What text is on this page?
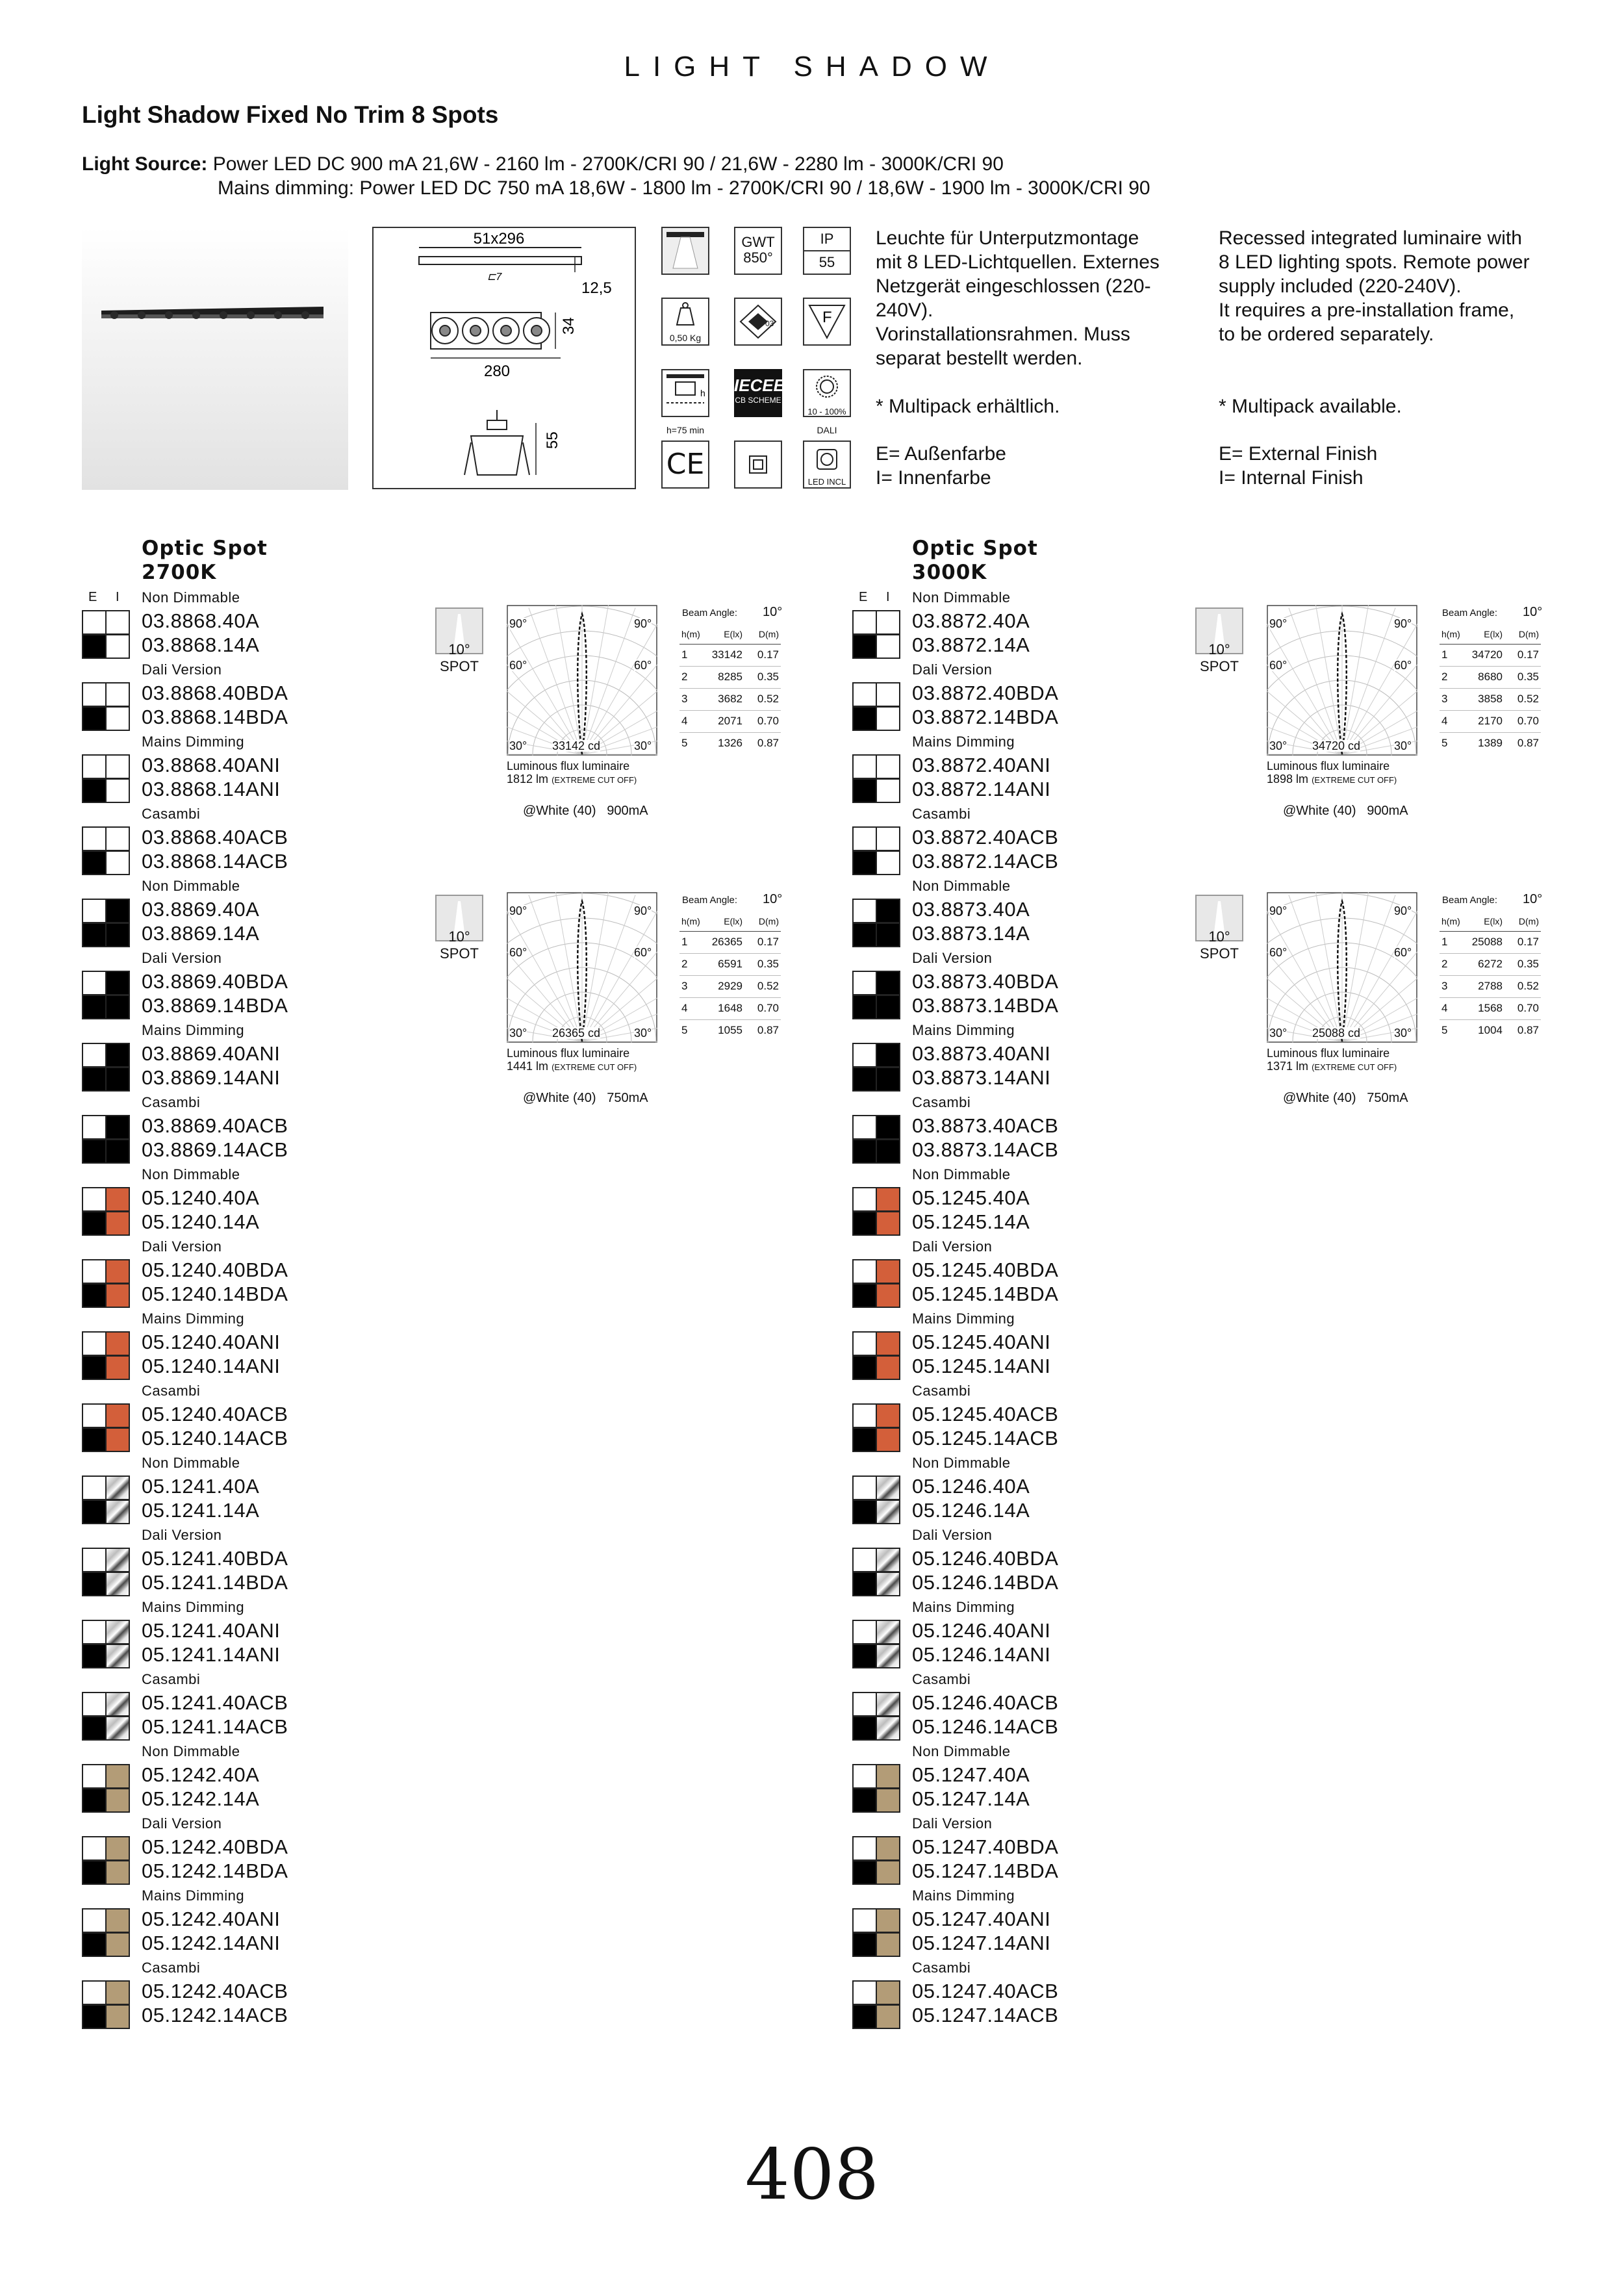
LIGHT SHADOW
Light Shadow Fixed No Trim 8 Spots
Light Source: Power LED DC 900 mA 21,6W - 2160 lm - 2700K/CRI 90 / 21,6W - 2280 lm - 3000K/CRI 90
Mains dimming: Power LED DC 750 mA 18,6W - 1800 lm - 2700K/CRI 90 / 18,6W - 1900 lm - 3000K/CRI 90
51x296
⊏7
12,5
34
280
55
0,50 Kg
h
h=75 min
CE
GWT
850°
03
IECEE
CB SCHEME
IP
55
F
10 - 100%
DALI
LED INCL
Leuchte für Unterputzmontage
mit 8 LED-Lichtquellen. Externes
Netzgerät eingeschlossen (220-
240V).
Vorinstallationsrahmen. Muss
separat bestellt werden.
* Multipack erhältlich.
E= Außenfarbe
I= Innenfarbe
Recessed integrated luminaire with
8 LED lighting spots. Remote power
supply included (220-240V).
It requires a pre-installation frame,
to be ordered separately.
* Multipack available.
E= External Finish
I= Internal Finish
Optic Spot
2700K
E I Non Dimmable
03.8868.40A
03.8868.14A
Dali Version
03.8868.40BDA
03.8868.14BDA
Mains Dimming
03.8868.40ANI
03.8868.14ANI
Casambi
03.8868.40ACB
03.8868.14ACB
Non Dimmable
03.8869.40A
03.8869.14A
Dali Version
03.8869.40BDA
03.8869.14BDA
Mains Dimming
03.8869.40ANI
03.8869.14ANI
Casambi
03.8869.40ACB
03.8869.14ACB
Non Dimmable
05.1240.40A
05.1240.14A
Dali Version
05.1240.40BDA
05.1240.14BDA
Mains Dimming
05.1240.40ANI
05.1240.14ANI
Casambi
05.1240.40ACB
05.1240.14ACB
Non Dimmable
05.1241.40A
05.1241.14A
Dali Version
05.1241.40BDA
05.1241.14BDA
Mains Dimming
05.1241.40ANI
05.1241.14ANI
Casambi
05.1241.40ACB
05.1241.14ACB
Non Dimmable
05.1242.40A
05.1242.14A
Dali Version
05.1242.40BDA
05.1242.14BDA
Mains Dimming
05.1242.40ANI
05.1242.14ANI
Casambi
05.1242.40ACB
05.1242.14ACB
10°
SPOT
90°	90°
60°	60°
30°	30°
33142 cd
Luminous flux luminaire
1812 lm (EXTREME CUT OFF)
@White (40)   900mA
Beam Angle: 10°
h(m)	E(lx)	D(m)
1	33142	0.17
2	8285	0.35
3	3682	0.52
4	2071	0.70
5	1326	0.87
10°
SPOT
90°	90°
60°	60°
30°	30°
26365 cd
Luminous flux luminaire
1441 lm (EXTREME CUT OFF)
@White (40)   750mA
Beam Angle: 10°
h(m)	E(lx)	D(m)
1	26365	0.17
2	6591	0.35
3	2929	0.52
4	1648	0.70
5	1055	0.87
Optic Spot
3000K
E I Non Dimmable
03.8872.40A
03.8872.14A
Dali Version
03.8872.40BDA
03.8872.14BDA
Mains Dimming
03.8872.40ANI
03.8872.14ANI
Casambi
03.8872.40ACB
03.8872.14ACB
Non Dimmable
03.8873.40A
03.8873.14A
Dali Version
03.8873.40BDA
03.8873.14BDA
Mains Dimming
03.8873.40ANI
03.8873.14ANI
Casambi
03.8873.40ACB
03.8873.14ACB
Non Dimmable
05.1245.40A
05.1245.14A
Dali Version
05.1245.40BDA
05.1245.14BDA
Mains Dimming
05.1245.40ANI
05.1245.14ANI
Casambi
05.1245.40ACB
05.1245.14ACB
Non Dimmable
05.1246.40A
05.1246.14A
Dali Version
05.1246.40BDA
05.1246.14BDA
Mains Dimming
05.1246.40ANI
05.1246.14ANI
Casambi
05.1246.40ACB
05.1246.14ACB
Non Dimmable
05.1247.40A
05.1247.14A
Dali Version
05.1247.40BDA
05.1247.14BDA
Mains Dimming
05.1247.40ANI
05.1247.14ANI
Casambi
05.1247.40ACB
05.1247.14ACB
10°
SPOT
90°	90°
60°	60°
30°	30°
34720 cd
Luminous flux luminaire
1898 lm (EXTREME CUT OFF)
@White (40)   900mA
Beam Angle: 10°
h(m)	E(lx)	D(m)
1	34720	0.17
2	8680	0.35
3	3858	0.52
4	2170	0.70
5	1389	0.87
10°
SPOT
90°	90°
60°	60°
30°	30°
25088 cd
Luminous flux luminaire
1371 lm (EXTREME CUT OFF)
@White (40)   750mA
Beam Angle: 10°
h(m)	E(lx)	D(m)
1	25088	0.17
2	6272	0.35
3	2788	0.52
4	1568	0.70
5	1004	0.87
408
